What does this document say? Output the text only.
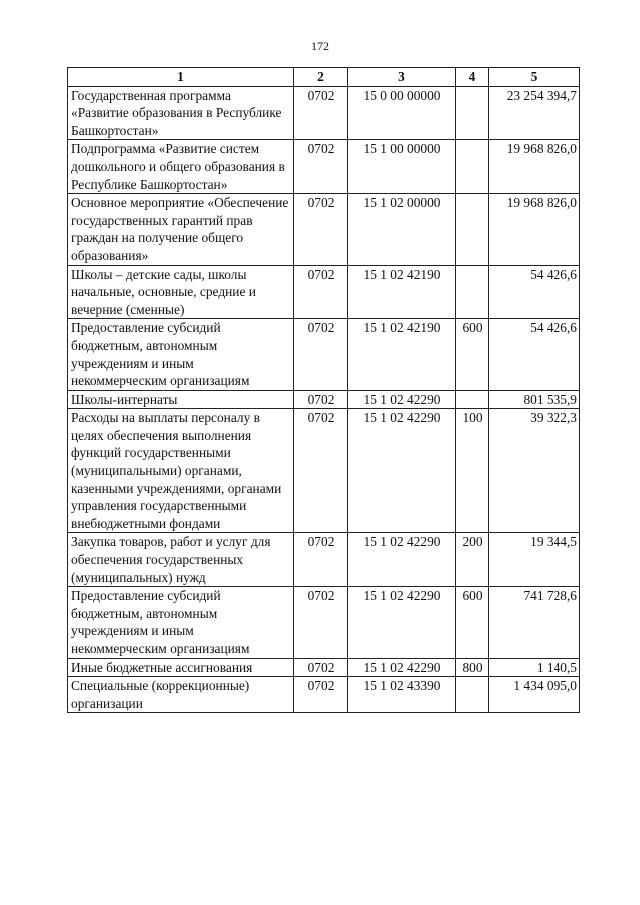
172
1	2	3	4	5
Государственная программа «Развитие образования в Республике Башкортостан»	0702	15 0 00 00000		23 254 394,7
Подпрограмма «Развитие систем дошкольного и общего образования в Республике Башкортостан»	0702	15 1 00 00000		19 968 826,0
Основное мероприятие «Обеспечение государственных гарантий прав граждан на получение общего образования»	0702	15 1 02 00000		19 968 826,0
Школы – детские сады, школы начальные, основные, средние и вечерние (сменные)	0702	15 1 02 42190		54 426,6
Предоставление субсидий бюджетным, автономным учреждениям и иным некоммерческим организациям	0702	15 1 02 42190	600	54 426,6
Школы-интернаты	0702	15 1 02 42290		801 535,9
Расходы на выплаты персоналу в целях обеспечения выполнения функций государственными (муниципальными) органами, казенными учреждениями, органами управления государственными внебюджетными фондами	0702	15 1 02 42290	100	39 322,3
Закупка товаров, работ и услуг для обеспечения государственных (муниципальных) нужд	0702	15 1 02 42290	200	19 344,5
Предоставление субсидий бюджетным, автономным учреждениям и иным некоммерческим организациям	0702	15 1 02 42290	600	741 728,6
Иные бюджетные ассигнования	0702	15 1 02 42290	800	1 140,5
Специальные (коррекционные) организации	0702	15 1 02 43390		1 434 095,0
